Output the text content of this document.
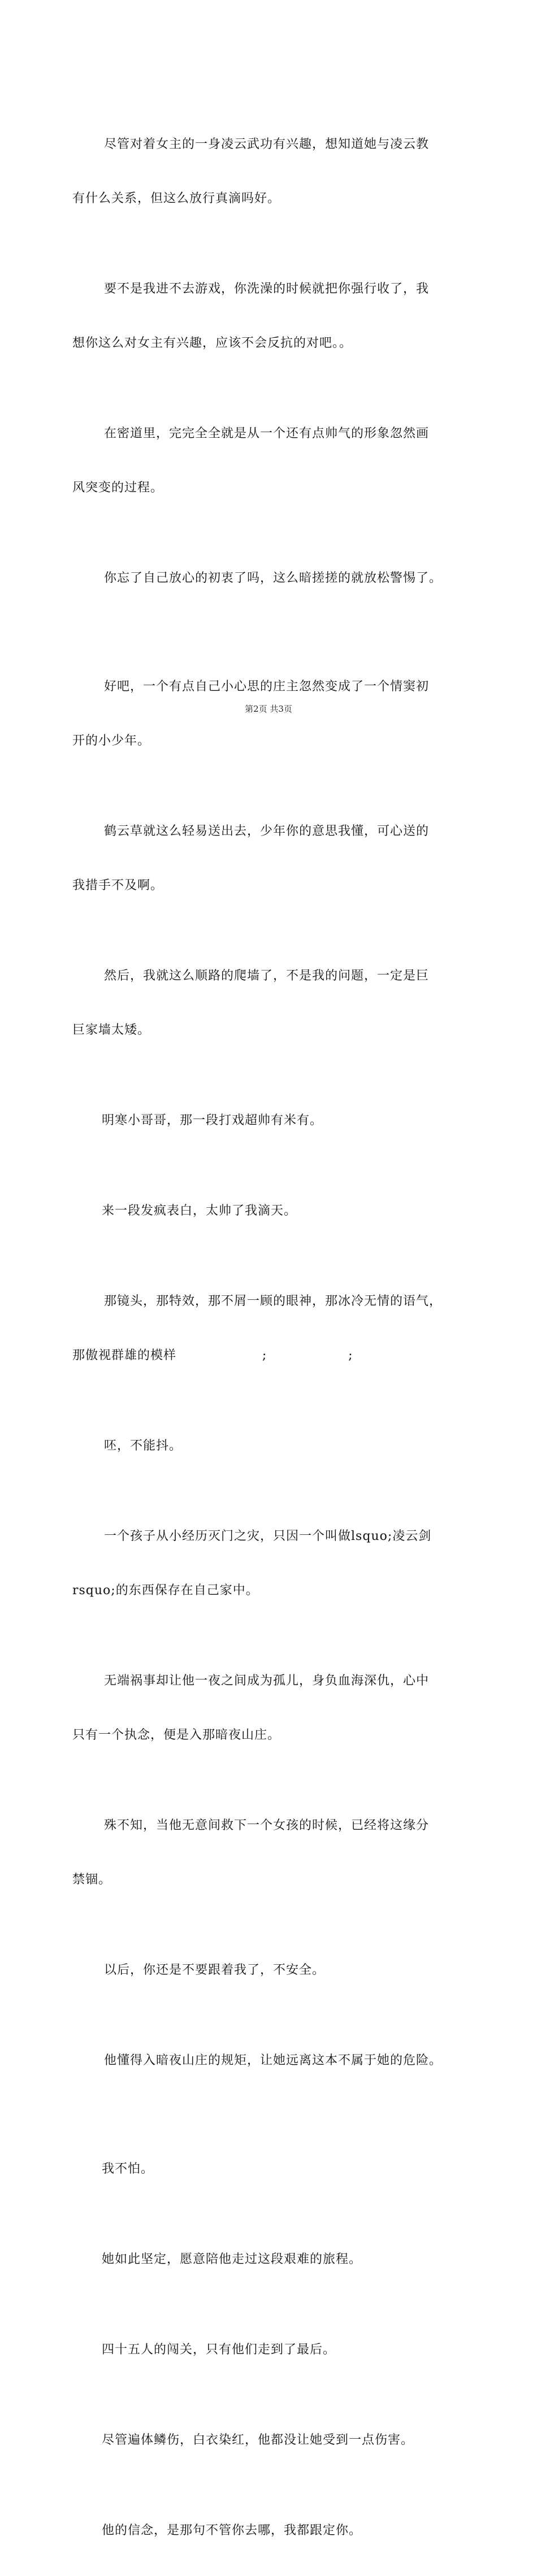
尽管对着女主的一身凌云武功有兴趣，想知道她与凌云教

有什么关系，但这么放行真滴吗好。

要不是我进不去游戏，你洗澡的时候就把你强行收了，我

想你这么对女主有兴趣，应该不会反抗的对吧。。

在密道里，完完全全就是从一个还有点帅气的形象忽然画

风突变的过程。

你忘了自己放心的初衷了吗，这么暗搓搓的就放松警惕了。

好吧，一个有点自己小心思的庄主忽然变成了一个情窦初

开的小少年。

鹤云草就这么轻易送出去，少年你的意思我懂，可心送的

我措手不及啊。

然后，我就这么顺路的爬墙了，不是我的问题，一定是巨

巨家墙太矮。

明寒小哥哥，那一段打戏超帅有米有。

来一段发疯表白，太帅了我滴天。

那镜头，那特效，那不屑一顾的眼神，那冰冷无情的语气，

那傲视群雄的模样                   ;                  ;

呸，不能抖。

一个孩子从小经历灭门之灾，只因一个叫做lsquo;凌云剑

rsquo;的东西保存在自己家中。

无端祸事却让他一夜之间成为孤儿，身负血海深仇，心中

只有一个执念，便是入那暗夜山庄。

殊不知，当他无意间救下一个女孩的时候，已经将这缘分

禁锢。

以后，你还是不要跟着我了，不安全。

他懂得入暗夜山庄的规矩，让她远离这本不属于她的危险。

我不怕。

她如此坚定，愿意陪他走过这段艰难的旅程。

四十五人的闯关，只有他们走到了最后。

尽管遍体鳞伤，白衣染红，他都没让她受到一点伤害。

他的信念，是那句不管你去哪，我都跟定你。

第2页 共3页
